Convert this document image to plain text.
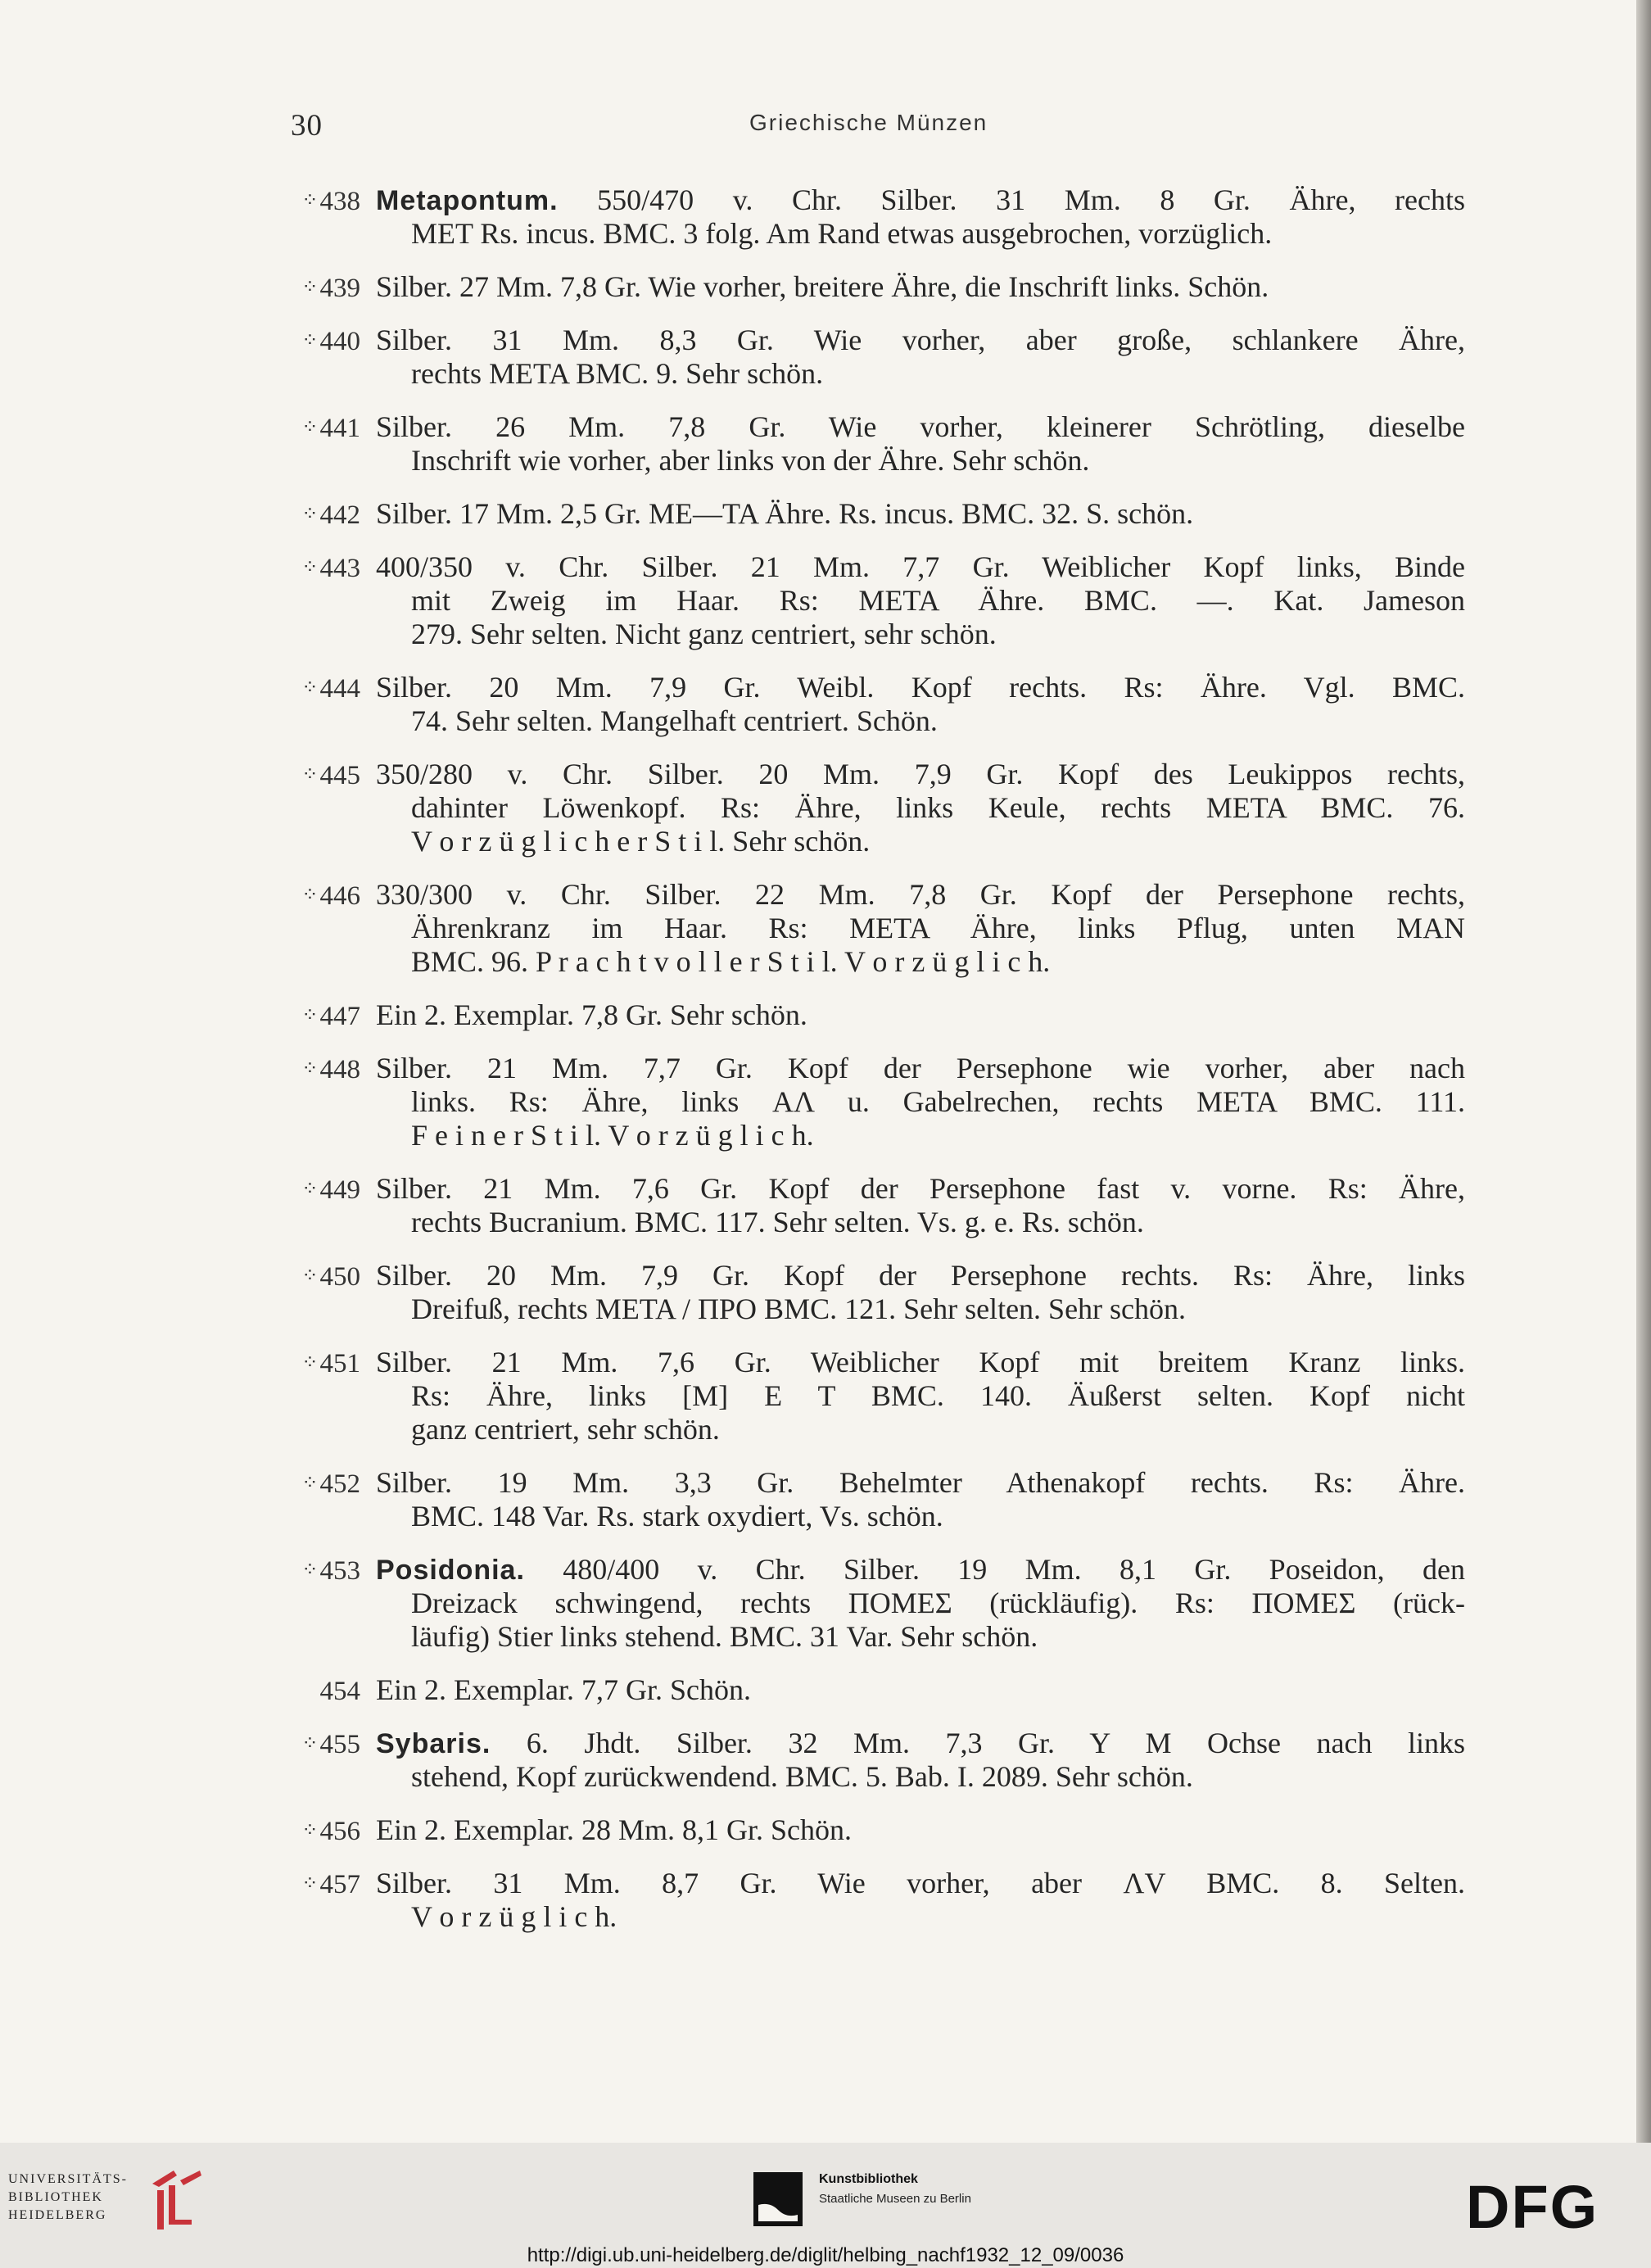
30	Griechische Münzen
⁘438 Metapontum. 550/470 v. Chr. Silber. 31 Mm. 8 Gr. Ähre, rechts
ΜΕΤ Rs. incus. BMC. 3 folg. Am Rand etwas ausgebrochen, vorzüglich.
⁘439 Silber. 27 Mm. 7,8 Gr. Wie vorher, breitere Ähre, die Inschrift links. Schön.
⁘440 Silber. 31 Mm. 8,3 Gr. Wie vorher, aber große, schlankere Ähre,
rechts ΜΕΤΑ BMC. 9. Sehr schön.
⁘441 Silber. 26 Mm. 7,8 Gr. Wie vorher, kleinerer Schrötling, dieselbe
Inschrift wie vorher, aber links von der Ähre. Sehr schön.
⁘442 Silber. 17 Mm. 2,5 Gr. ΜΕ—ΤΑ Ähre. Rs. incus. BMC. 32. S. schön.
⁘443 400/350 v. Chr. Silber. 21 Mm. 7,7 Gr. Weiblicher Kopf links, Binde
mit Zweig im Haar. Rs: ΜΕΤΑ Ähre. BMC. —. Kat. Jameson
279. Sehr selten. Nicht ganz centriert, sehr schön.
⁘444 Silber. 20 Mm. 7,9 Gr. Weibl. Kopf rechts. Rs: Ähre. Vgl. BMC.
74. Sehr selten. Mangelhaft centriert. Schön.
⁘445 350/280 v. Chr. Silber. 20 Mm. 7,9 Gr. Kopf des Leukippos rechts,
dahinter Löwenkopf. Rs: Ähre, links Keule, rechts ΜΕΤΑ BMC. 76.
V o r z ü g l i c h e r S t i l. Sehr schön.
⁘446 330/300 v. Chr. Silber. 22 Mm. 7,8 Gr. Kopf der Persephone rechts,
Ährenkranz im Haar. Rs: ΜΕΤΑ Ähre, links Pflug, unten ΜΑΝ
BMC. 96. P r a c h t v o l l e r S t i l. V o r z ü g l i c h.
⁘447 Ein 2. Exemplar. 7,8 Gr. Sehr schön.
⁘448 Silber. 21 Mm. 7,7 Gr. Kopf der Persephone wie vorher, aber nach
links. Rs: Ähre, links ΑΛ u. Gabelrechen, rechts ΜΕΤΑ BMC. 111.
F e i n e r S t i l. V o r z ü g l i c h.
⁘449 Silber. 21 Mm. 7,6 Gr. Kopf der Persephone fast v. vorne. Rs: Ähre,
rechts Bucranium. BMC. 117. Sehr selten. Vs. g. e. Rs. schön.
⁘450 Silber. 20 Mm. 7,9 Gr. Kopf der Persephone rechts. Rs: Ähre, links
Dreifuß, rechts ΜΕΤΑ / ΠΡΟ BMC. 121. Sehr selten. Sehr schön.
⁘451 Silber. 21 Mm. 7,6 Gr. Weiblicher Kopf mit breitem Kranz links.
Rs: Ähre, links [M] E T BMC. 140. Äußerst selten. Kopf nicht
ganz centriert, sehr schön.
⁘452 Silber. 19 Mm. 3,3 Gr. Behelmter Athenakopf rechts. Rs: Ähre.
BMC. 148 Var. Rs. stark oxydiert, Vs. schön.
⁘453 Posidonia. 480/400 v. Chr. Silber. 19 Mm. 8,1 Gr. Poseidon, den
Dreizack schwingend, rechts ΠΟΜΕΣ (rückläufig). Rs: ΠΟΜΕΣ (rück-
läufig) Stier links stehend. BMC. 31 Var. Sehr schön.
454 Ein 2. Exemplar. 7,7 Gr. Schön.
⁘455 Sybaris. 6. Jhdt. Silber. 32 Mm. 7,3 Gr. Y M Ochse nach links
stehend, Kopf zurückwendend. BMC. 5. Bab. I. 2089. Sehr schön.
⁘456 Ein 2. Exemplar. 28 Mm. 8,1 Gr. Schön.
⁘457 Silber. 31 Mm. 8,7 Gr. Wie vorher, aber ΛV BMC. 8. Selten.
V o r z ü g l i c h.
UNIVERSITÄTS-
BIBLIOTHEK
HEIDELBERG
Kunstbibliothek
Staatliche Museen zu Berlin	DFG
http://digi.ub.uni-heidelberg.de/diglit/helbing_nachf1932_12_09/0036
